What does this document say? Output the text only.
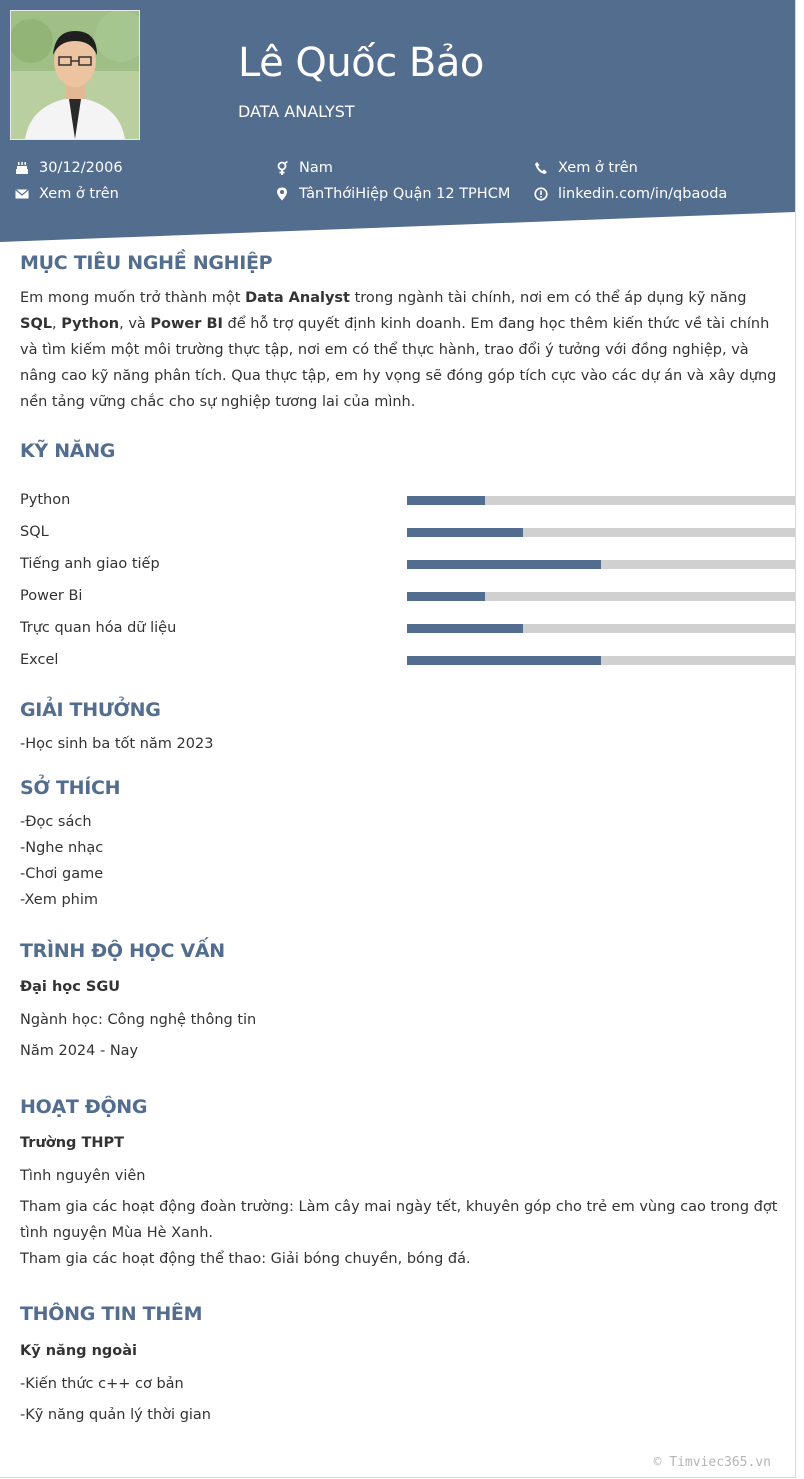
Lê Quốc Bảo
DATA ANALYST
30/12/2006	Nam	Xem ở trên
Xem ở trên	TânThớiHiệp Quận 12 TPHCM	linkedin.com/in/qbaoda
MỤC TIÊU NGHỀ NGHIỆP
Em mong muốn trở thành một Data Analyst trong ngành tài chính, nơi em có thể áp dụng kỹ năng SQL, Python, và Power BI để hỗ trợ quyết định kinh doanh. Em đang học thêm kiến thức về tài chính và tìm kiếm một môi trường thực tập, nơi em có thể thực hành, trao đổi ý tưởng với đồng nghiệp, và nâng cao kỹ năng phân tích. Qua thực tập, em hy vọng sẽ đóng góp tích cực vào các dự án và xây dựng nền tảng vững chắc cho sự nghiệp tương lai của mình.
KỸ NĂNG
Python
SQL
Tiếng anh giao tiếp
Power Bi
Trực quan hóa dữ liệu
Excel
GIẢI THƯỞNG
-Học sinh ba tốt năm 2023
SỞ THÍCH
-Đọc sách
-Nghe nhạc
-Chơi game
-Xem phim
TRÌNH ĐỘ HỌC VẤN
Đại học SGU
Ngành học: Công nghệ thông tin
Năm 2024 - Nay
HOẠT ĐỘNG
Trường THPT
Tình nguyên viên
Tham gia các hoạt động đoàn trường: Làm cây mai ngày tết, khuyên góp cho trẻ em vùng cao trong đợt tình nguyện Mùa Hè Xanh.
Tham gia các hoạt động thể thao: Giải bóng chuyền, bóng đá.
THÔNG TIN THÊM
Kỹ năng ngoài
-Kiến thức c++ cơ bản
-Kỹ năng quản lý thời gian
© Timviec365.vn
